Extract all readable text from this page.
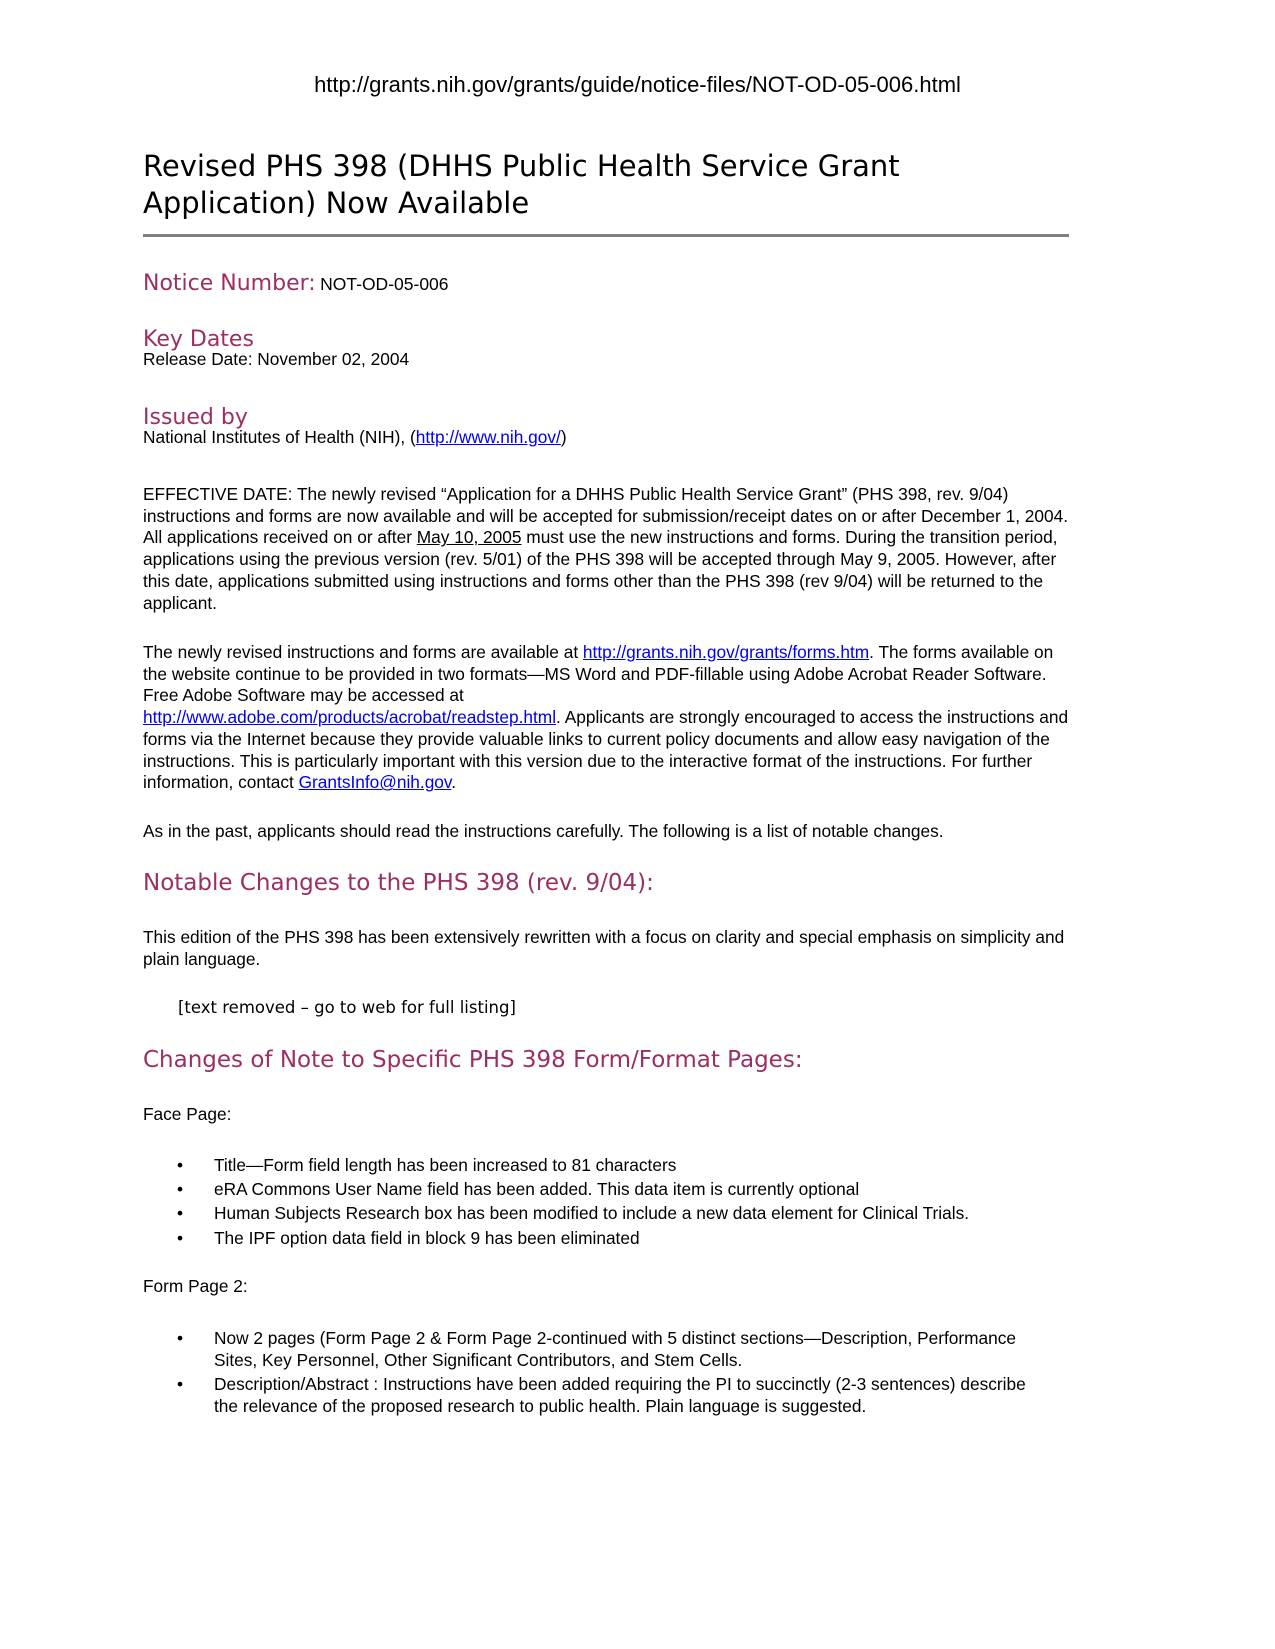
http://grants.nih.gov/grants/guide/notice-files/NOT-OD-05-006.html
Revised PHS 398 (DHHS Public Health Service Grant Application) Now Available
Notice Number: NOT-OD-05-006
Key Dates
Release Date: November 02, 2004
Issued by
National Institutes of Health (NIH), (http://www.nih.gov/)

EFFECTIVE DATE: The newly revised “Application for a DHHS Public Health Service Grant” (PHS 398, rev. 9/04) instructions and forms are now available and will be accepted for submission/receipt dates on or after December 1, 2004. All applications received on or after May 10, 2005 must use the new instructions and forms. During the transition period, applications using the previous version (rev. 5/01) of the PHS 398 will be accepted through May 9, 2005. However, after this date, applications submitted using instructions and forms other than the PHS 398 (rev 9/04) will be returned to the applicant.

The newly revised instructions and forms are available at http://grants.nih.gov/grants/forms.htm. The forms available on the website continue to be provided in two formats—MS Word and PDF-fillable using Adobe Acrobat Reader Software. Free Adobe Software may be accessed at
http://www.adobe.com/products/acrobat/readstep.html. Applicants are strongly encouraged to access the instructions and forms via the Internet because they provide valuable links to current policy documents and allow easy navigation of the instructions. This is particularly important with this version due to the interactive format of the instructions. For further information, contact GrantsInfo@nih.gov.

As in the past, applicants should read the instructions carefully. The following is a list of notable changes.

Notable Changes to the PHS 398 (rev. 9/04):

This edition of the PHS 398 has been extensively rewritten with a focus on clarity and special emphasis on simplicity and plain language.

[text removed – go to web for full listing]
Changes of Note to Specific PHS 398 Form/Format Pages:
Face Page:
• Title—Form field length has been increased to 81 characters
• eRA Commons User Name field has been added. This data item is currently optional
• Human Subjects Research box has been modified to include a new data element for Clinical Trials.
• The IPF option data field in block 9 has been eliminated
Form Page 2:
• Now 2 pages (Form Page 2 & Form Page 2-continued with 5 distinct sections—Description, Performance Sites, Key Personnel, Other Significant Contributors, and Stem Cells.
• Description/Abstract : Instructions have been added requiring the PI to succinctly (2-3 sentences) describe the relevance of the proposed research to public health. Plain language is suggested.
